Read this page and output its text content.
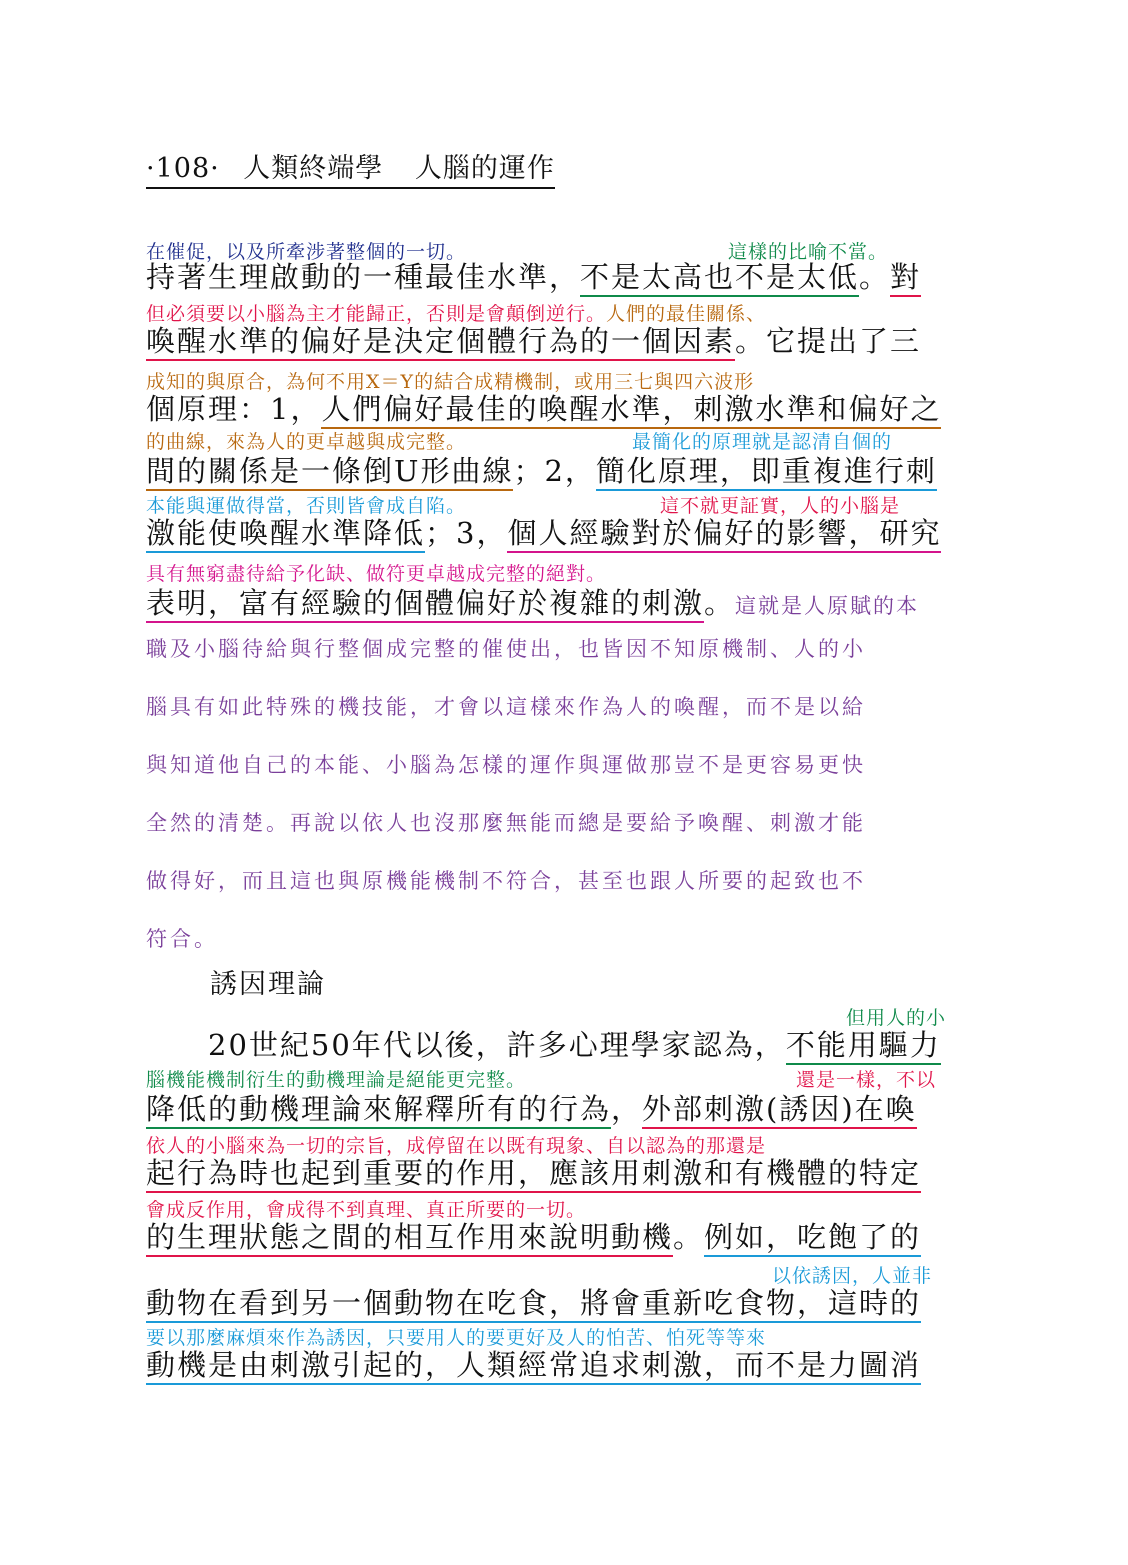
·108· 人類終端學 人腦的運作
在催促，以及所牽涉著整個的一切。	這樣的比喻不當。
持著生理啟動的一種最佳水準，不是太高也不是太低。對
但必須要以小腦為主才能歸正，否則是會顛倒逆行。人們的最佳關係、
喚醒水準的偏好是決定個體行為的一個因素。它提出了三
成知的與原合，為何不用X＝Y的結合成精機制，或用三七與四六波形
個原理：1，人們偏好最佳的喚醒水準，刺激水準和偏好之
的曲線，來為人的更卓越與成完整。	最簡化的原理就是認清自個的
間的關係是一條倒U形曲線；2，簡化原理，即重複進行刺
本能與運做得當，否則皆會成自陷。	這不就更証實，人的小腦是
激能使喚醒水準降低；3，個人經驗對於偏好的影響，研究
具有無窮盡待給予化缺、做符更卓越成完整的絕對。
表明，富有經驗的個體偏好於複雜的刺激。這就是人原賦的本
職及小腦待給與行整個成完整的催使出，也皆因不知原機制、人的小
腦具有如此特殊的機技能，才會以這樣來作為人的喚醒，而不是以給
與知道他自己的本能、小腦為怎樣的運作與運做那豈不是更容易更快
全然的清楚。再說以依人也沒那麼無能而總是要給予喚醒、刺激才能
做得好，而且這也與原機能機制不符合，甚至也跟人所要的起致也不
符合。
誘因理論
但用人的小
20世紀50年代以後，許多心理學家認為，不能用驅力
腦機能機制衍生的動機理論是絕能更完整。	還是一樣，不以
降低的動機理論來解釋所有的行為，外部刺激(誘因)在喚
依人的小腦來為一切的宗旨，成停留在以既有現象、自以認為的那還是
起行為時也起到重要的作用，應該用刺激和有機體的特定
會成反作用，會成得不到真理、真正所要的一切。
的生理狀態之間的相互作用來說明動機。例如，吃飽了的
以依誘因，人並非
動物在看到另一個動物在吃食，將會重新吃食物，這時的
要以那麼麻煩來作為誘因，只要用人的要更好及人的怕苦、怕死等等來
動機是由刺激引起的，人類經常追求刺激，而不是力圖消
